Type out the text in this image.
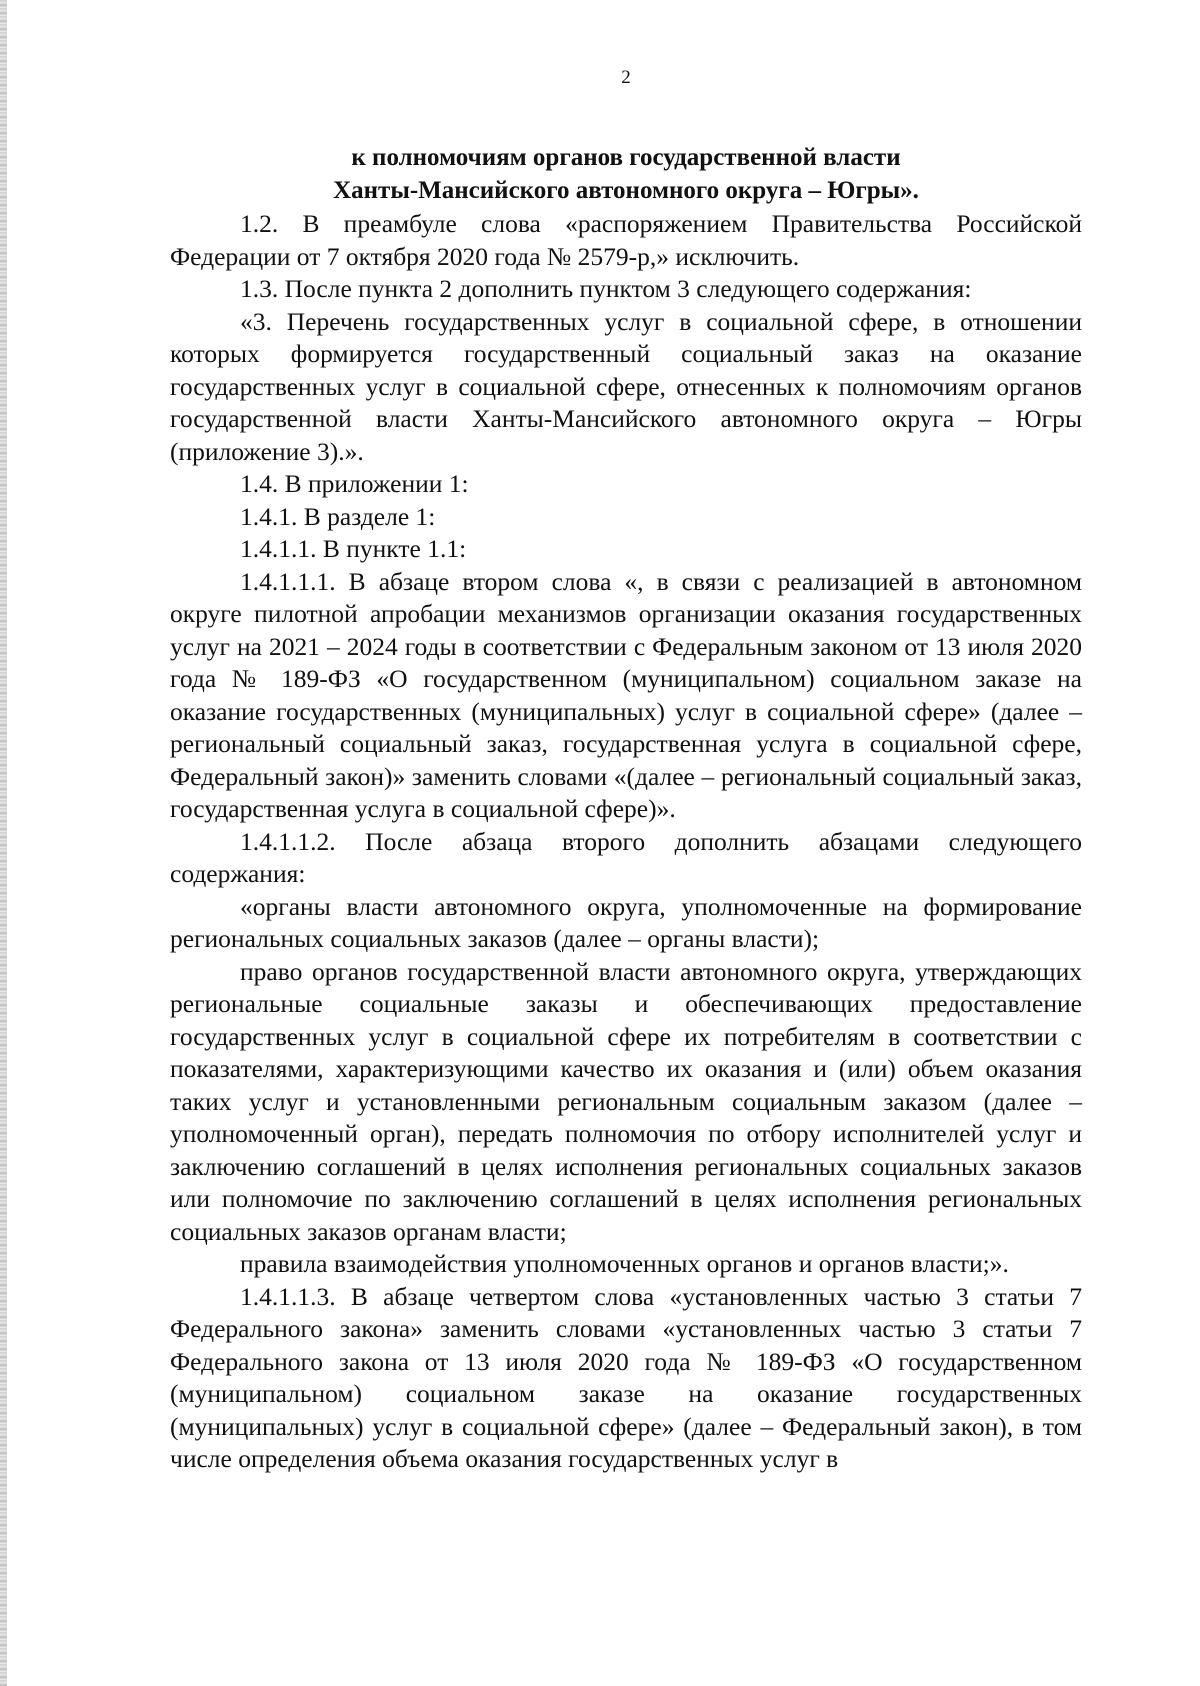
2
к полномочиям органов государственной власти
Ханты-Мансийского автономного округа – Югры».

1.2. В преамбуле слова «распоряжением Правительства Российской Федерации от 7 октября 2020 года № 2579-р,» исключить.

1.3. После пункта 2 дополнить пунктом 3 следующего содержания:

«3. Перечень государственных услуг в социальной сфере, в отношении которых формируется государственный социальный заказ на оказание государственных услуг в социальной сфере, отнесенных к полномочиям органов государственной власти Ханты-Мансийского автономного округа – Югры (приложение 3).».

1.4. В приложении 1:

1.4.1. В разделе 1:

1.4.1.1. В пункте 1.1:

1.4.1.1.1. В абзаце втором слова «, в связи с реализацией в автономном округе пилотной апробации механизмов организации оказания государственных услуг на 2021 – 2024 годы в соответствии с Федеральным законом от 13 июля 2020 года № 189-ФЗ «О государственном (муниципальном) социальном заказе на оказание государственных (муниципальных) услуг в социальной сфере» (далее – региональный социальный заказ, государственная услуга в социальной сфере, Федеральный закон)» заменить словами «(далее – региональный социальный заказ, государственная услуга в социальной сфере)».

1.4.1.1.2. После абзаца второго дополнить абзацами следующего содержания:

«органы власти автономного округа, уполномоченные на формирование региональных социальных заказов (далее – органы власти);

право органов государственной власти автономного округа, утверждающих региональные социальные заказы и обеспечивающих предоставление государственных услуг в социальной сфере их потребителям в соответствии с показателями, характеризующими качество их оказания и (или) объем оказания таких услуг и установленными региональным социальным заказом (далее – уполномоченный орган), передать полномочия по отбору исполнителей услуг и заключению соглашений в целях исполнения региональных социальных заказов или полномочие по заключению соглашений в целях исполнения региональных социальных заказов органам власти;

правила взаимодействия уполномоченных органов и органов власти;».

1.4.1.1.3. В абзаце четвертом слова «установленных частью 3 статьи 7 Федерального закона» заменить словами «установленных частью 3 статьи 7 Федерального закона от 13 июля 2020 года № 189-ФЗ «О государственном (муниципальном) социальном заказе на оказание государственных (муниципальных) услуг в социальной сфере» (далее – Федеральный закон), в том числе определения объема оказания государственных услуг в
